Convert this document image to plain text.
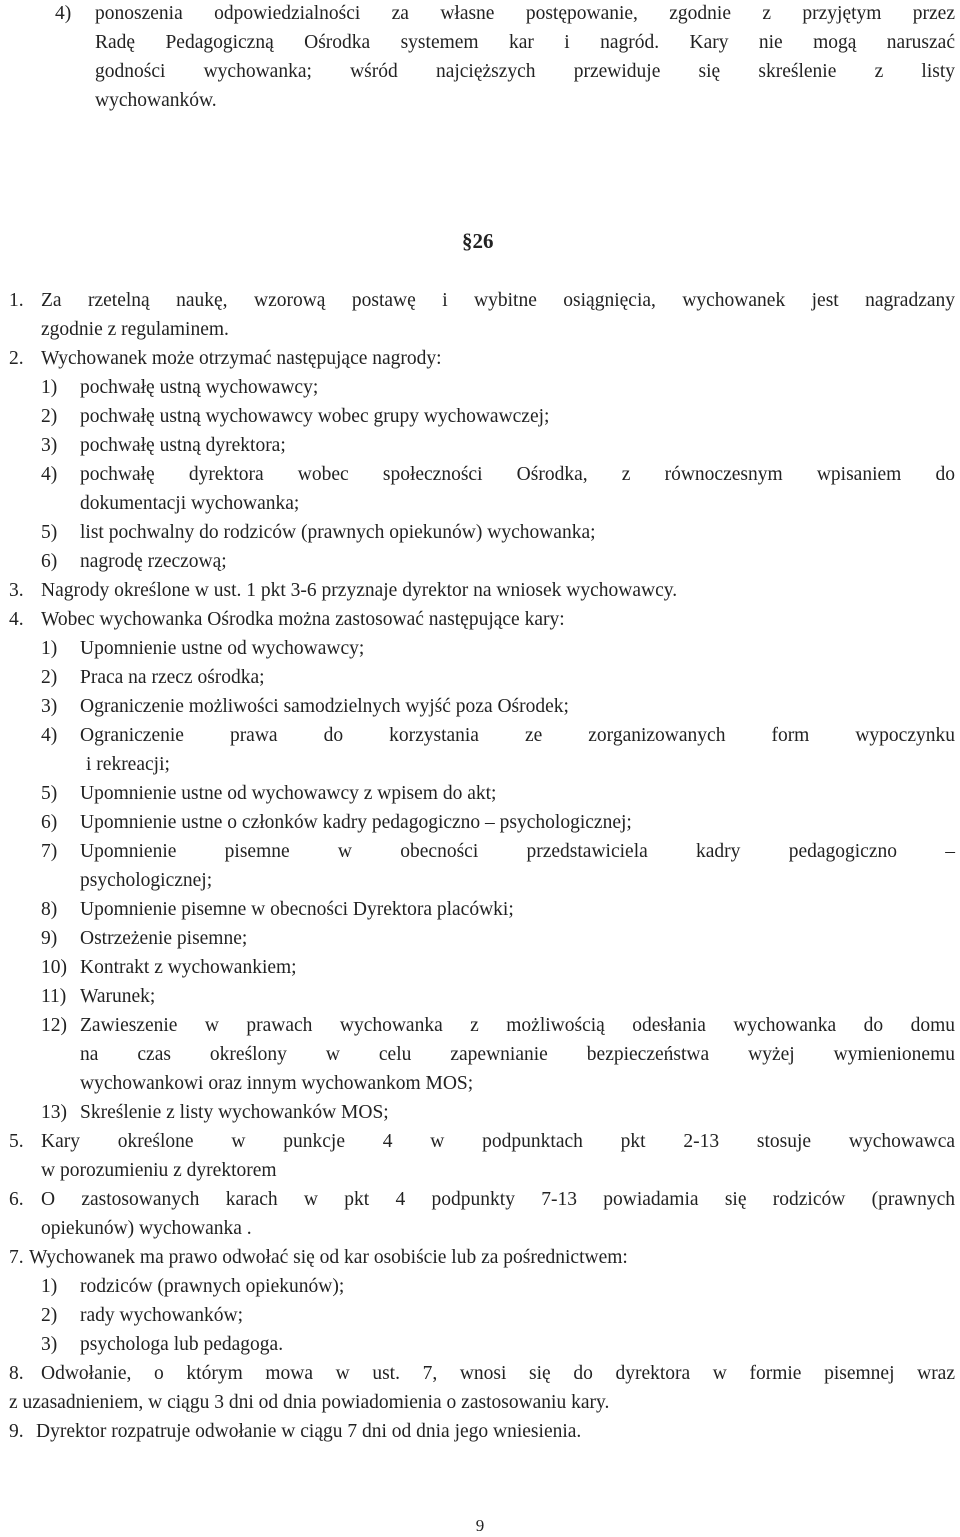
4) ponoszenia odpowiedzialności za własne postępowanie, zgodnie z przyjętym przez
Radę Pedagogiczną Ośrodka systemem kar i nagród. Kary nie mogą naruszać
godności wychowanka; wśród najcięższych przewiduje się skreślenie z listy
wychowanków.
§26
1. Za rzetelną naukę, wzorową postawę i wybitne osiągnięcia, wychowanek jest nagradzany
zgodnie z regulaminem.
2. Wychowanek może otrzymać następujące nagrody:
1) pochwałę ustną wychowawcy;
2) pochwałę ustną wychowawcy wobec grupy wychowawczej;
3) pochwałę ustną dyrektora;
4) pochwałę dyrektora wobec społeczności Ośrodka, z równoczesnym wpisaniem do
dokumentacji wychowanka;
5) list pochwalny do rodziców (prawnych opiekunów) wychowanka;
6) nagrodę rzeczową;
3. Nagrody określone w ust. 1 pkt 3-6 przyznaje dyrektor na wniosek wychowawcy.
4. Wobec wychowanka Ośrodka można zastosować następujące kary:
1) Upomnienie ustne od wychowawcy;
2) Praca na rzecz ośrodka;
3) Ograniczenie możliwości samodzielnych wyjść poza Ośrodek;
4) Ograniczenie prawa do korzystania ze zorganizowanych form wypoczynku
i rekreacji;
5) Upomnienie ustne od wychowawcy z wpisem do akt;
6) Upomnienie ustne o członków kadry pedagogiczno – psychologicznej;
7) Upomnienie pisemne w obecności przedstawiciela kadry pedagogiczno –
psychologicznej;
8) Upomnienie pisemne w obecności Dyrektora placówki;
9) Ostrzeżenie pisemne;
10) Kontrakt z wychowankiem;
11) Warunek;
12) Zawieszenie w prawach wychowanka z możliwością odesłania wychowanka do domu
na czas określony w celu zapewnianie bezpieczeństwa wyżej wymienionemu
wychowankowi oraz innym wychowankom MOS;
13) Skreślenie z listy wychowanków MOS;
5. Kary określone w punkcje 4 w podpunktach pkt 2-13 stosuje wychowawca
w porozumieniu z dyrektorem
6. O zastosowanych karach w pkt 4 podpunkty 7-13 powiadamia się rodziców (prawnych
opiekunów) wychowanka .
7. Wychowanek ma prawo odwołać się od kar osobiście lub za pośrednictwem:
1) rodziców (prawnych opiekunów);
2) rady wychowanków;
3) psychologa lub pedagoga.
8. Odwołanie, o którym mowa w ust. 7, wnosi się do dyrektora w formie pisemnej wraz
z uzasadnieniem, w ciągu 3 dni od dnia powiadomienia o zastosowaniu kary.
9. Dyrektor rozpatruje odwołanie w ciągu 7 dni od dnia jego wniesienia.
9
